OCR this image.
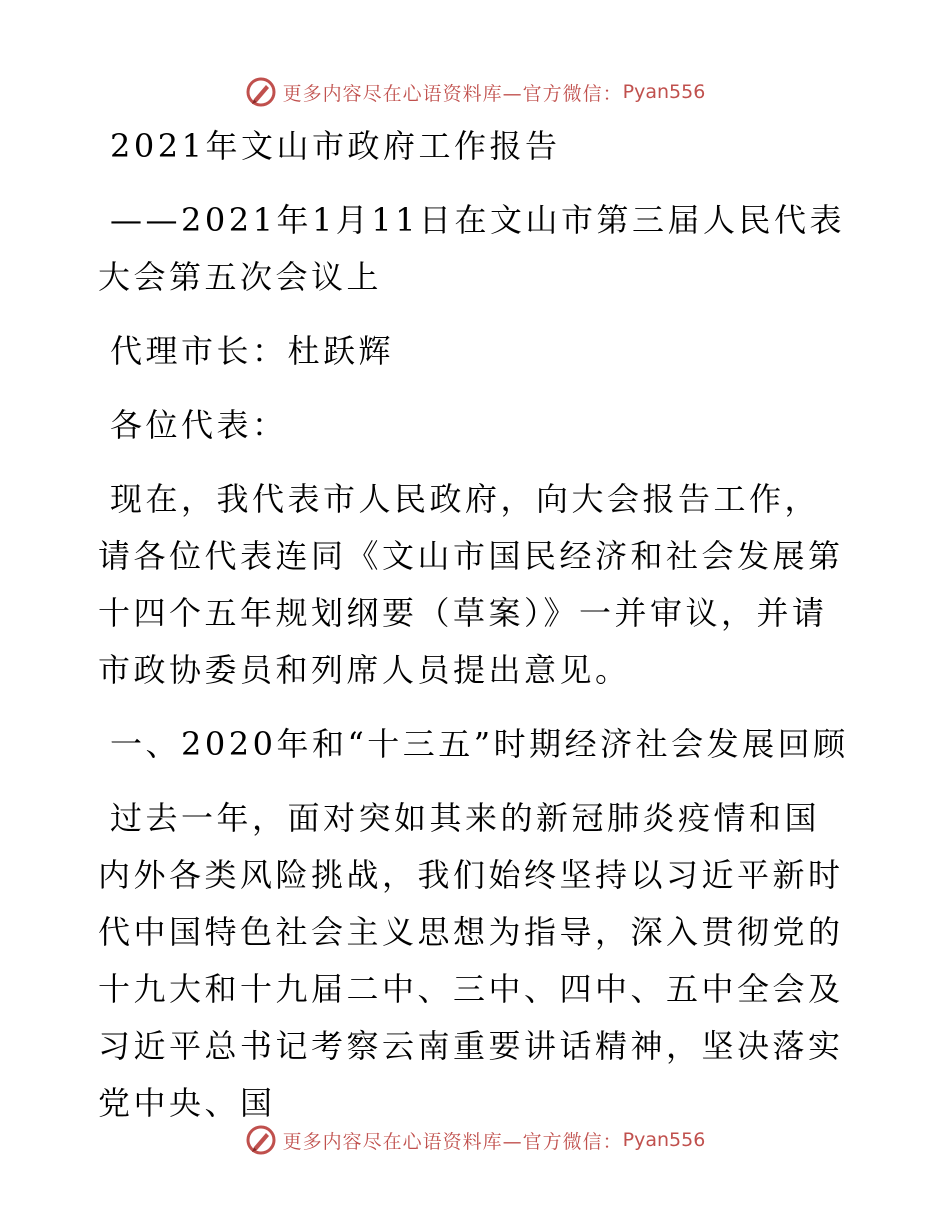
更多内容尽在心语资料库—官方微信： Pyan556

2021年文山市政府工作报告

——2021年1月11日在文山市第三届人民代表大会第五次会议上

代理市长：杜跃辉

各位代表：

现在，我代表市人民政府，向大会报告工作，请各位代表连同《文山市国民经济和社会发展第十四个五年规划纲要（草案）》一并审议，并请市政协委员和列席人员提出意见。

一、2020年和“十三五”时期经济社会发展回顾

过去一年，面对突如其来的新冠肺炎疫情和国内外各类风险挑战，我们始终坚持以习近平新时代中国特色社会主义思想为指导，深入贯彻党的十九大和十九届二中、三中、四中、五中全会及习近平总书记考察云南重要讲话精神，坚决落实党中央、国

更多内容尽在心语资料库—官方微信： Pyan556
